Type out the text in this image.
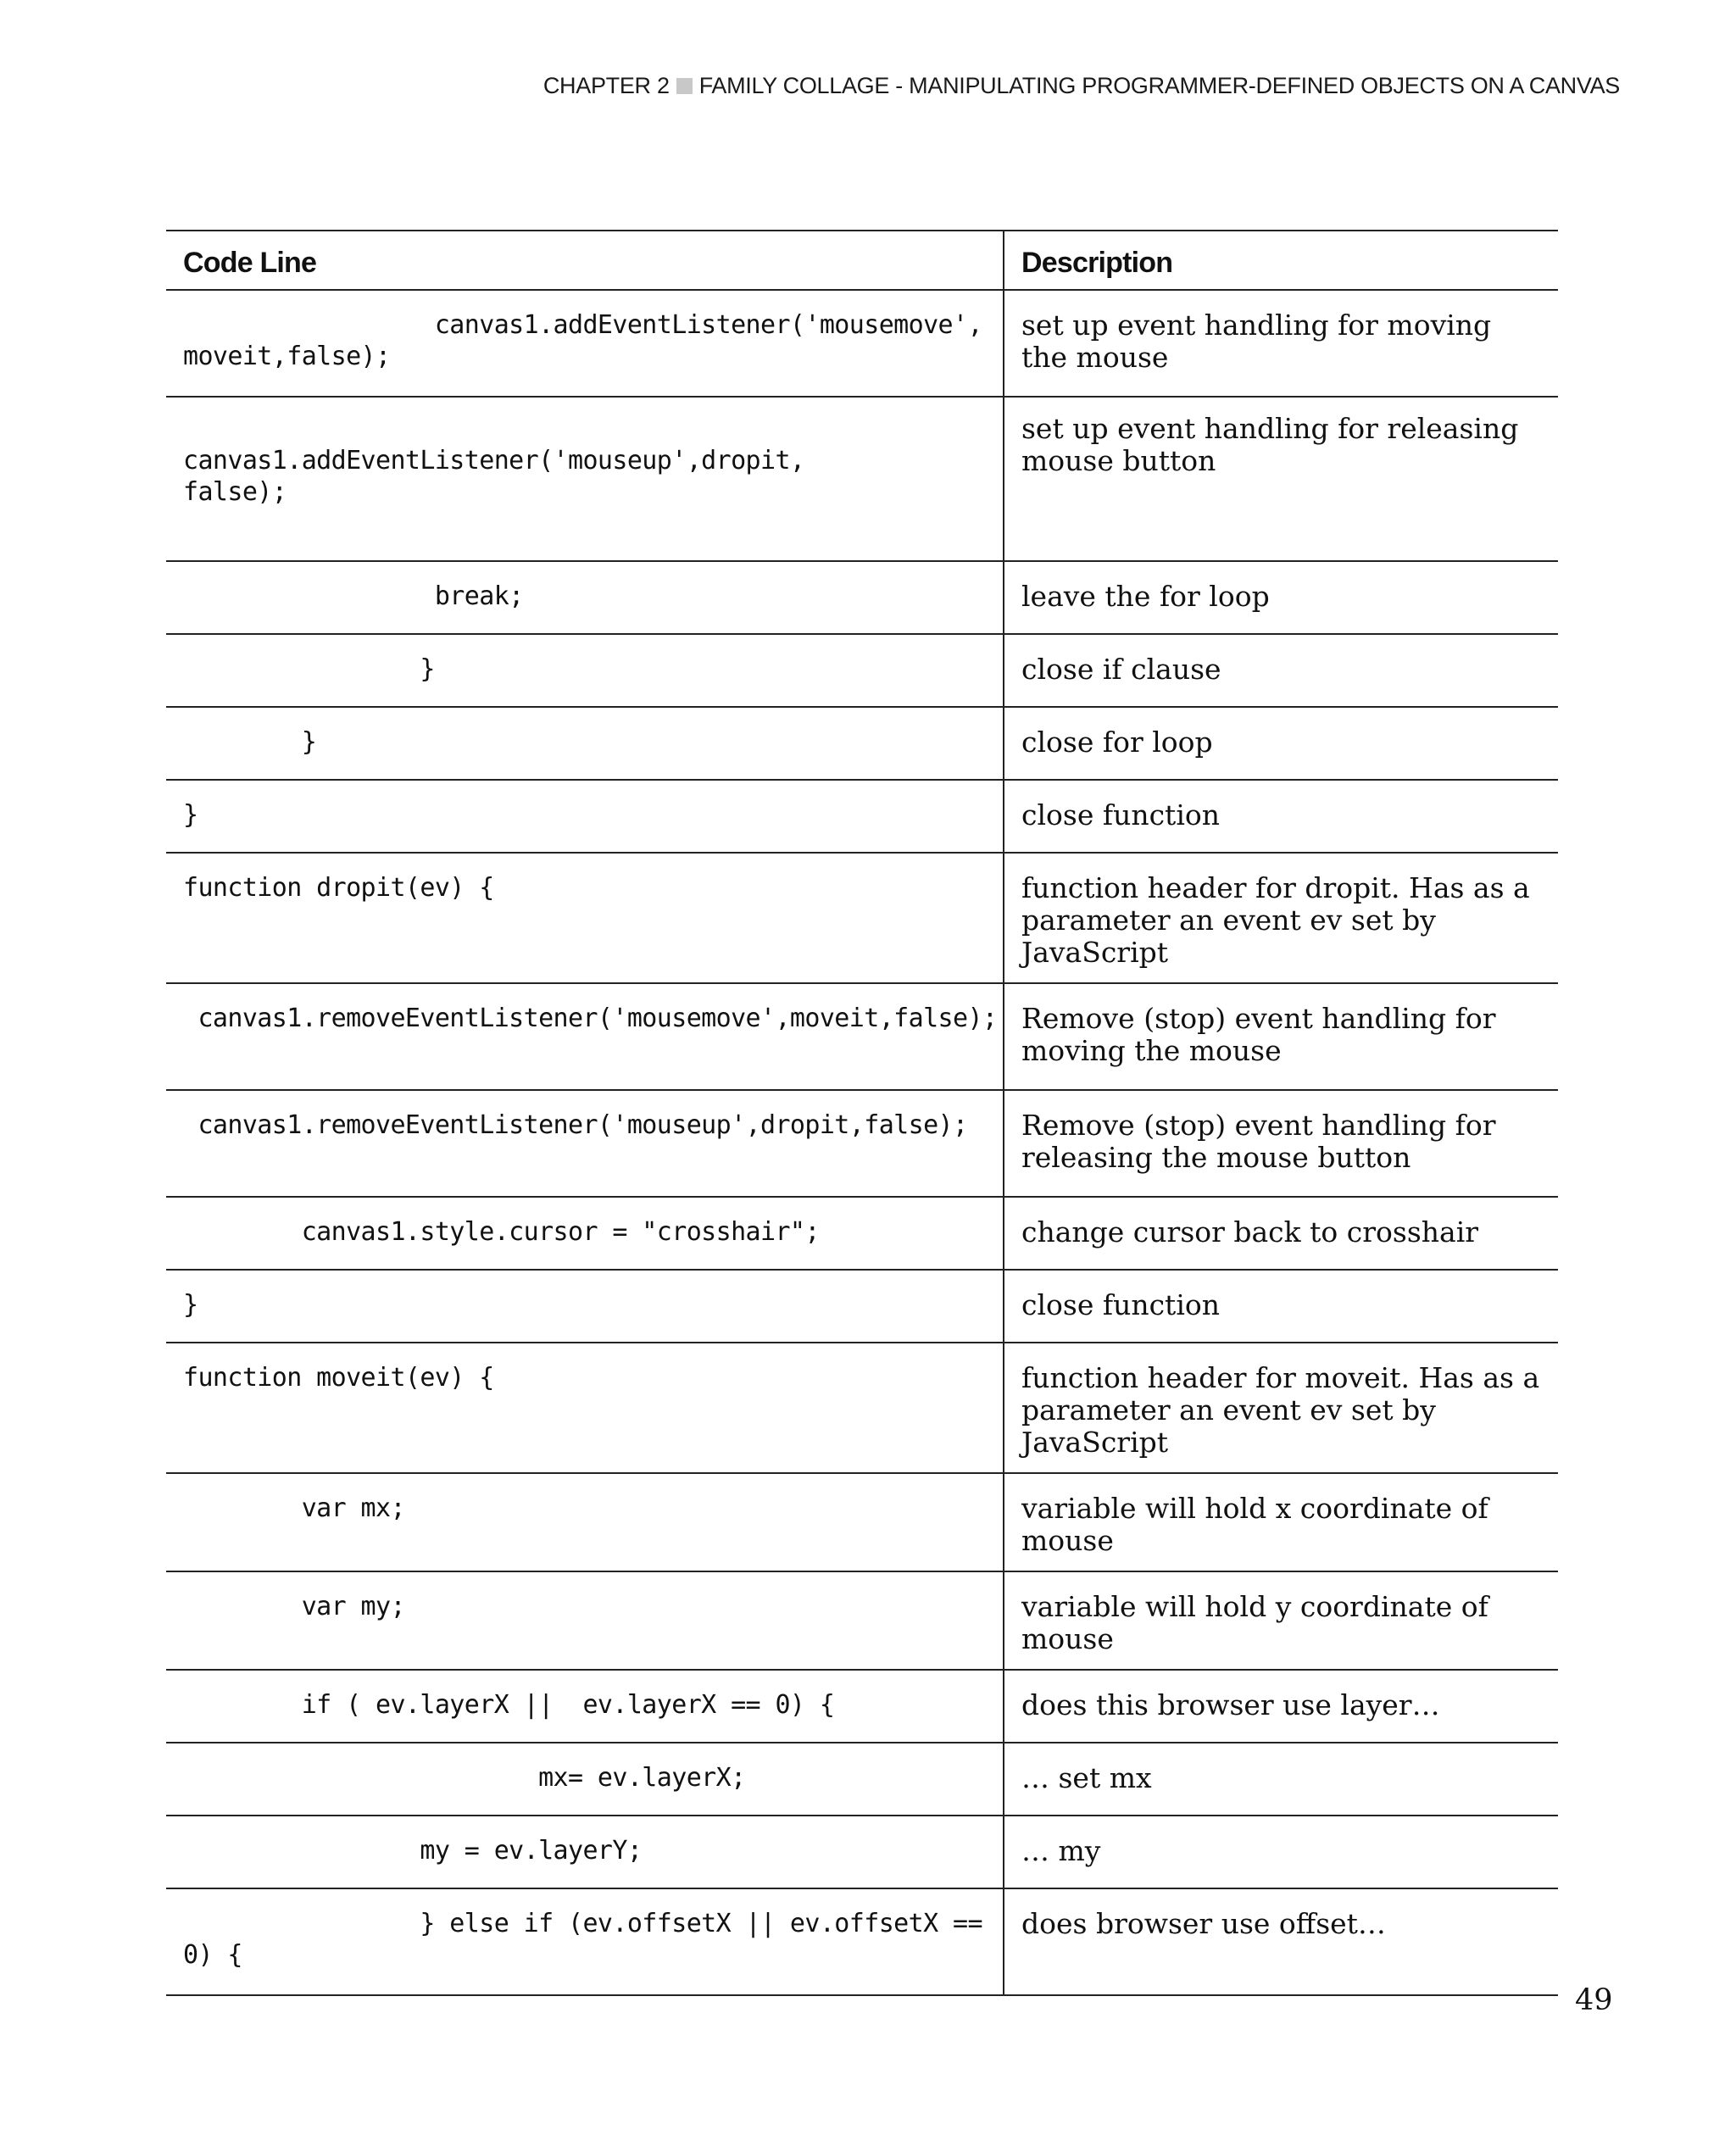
CHAPTER 2 FAMILY COLLAGE - MANIPULATING PROGRAMMER-DEFINED OBJECTS ON A CANVAS
Code Line	Description
canvas1.addEventListener('mousemove',
moveit,false);	set up event handling for moving the mouse
canvas1.addEventListener('mouseup',dropit,
false);	set up event handling for releasing mouse button
break;	leave the for loop
}	close if clause
}	close for loop
}	close function
function dropit(ev) {	function header for dropit. Has as a parameter an event ev set by JavaScript
canvas1.removeEventListener('mousemove',moveit,false);	Remove (stop) event handling for moving the mouse
canvas1.removeEventListener('mouseup',dropit,false);	Remove (stop) event handling for releasing the mouse button
canvas1.style.cursor = "crosshair";	change cursor back to crosshair
}	close function
function moveit(ev) {	function header for moveit. Has as a parameter an event ev set by JavaScript
var mx;	variable will hold x coordinate of mouse
var my;	variable will hold y coordinate of mouse
if ( ev.layerX ||  ev.layerX == 0) {	does this browser use layer…
mx= ev.layerX;	… set mx
my = ev.layerY;	… my
} else if (ev.offsetX || ev.offsetX ==
0) {	does browser use offset…
49
